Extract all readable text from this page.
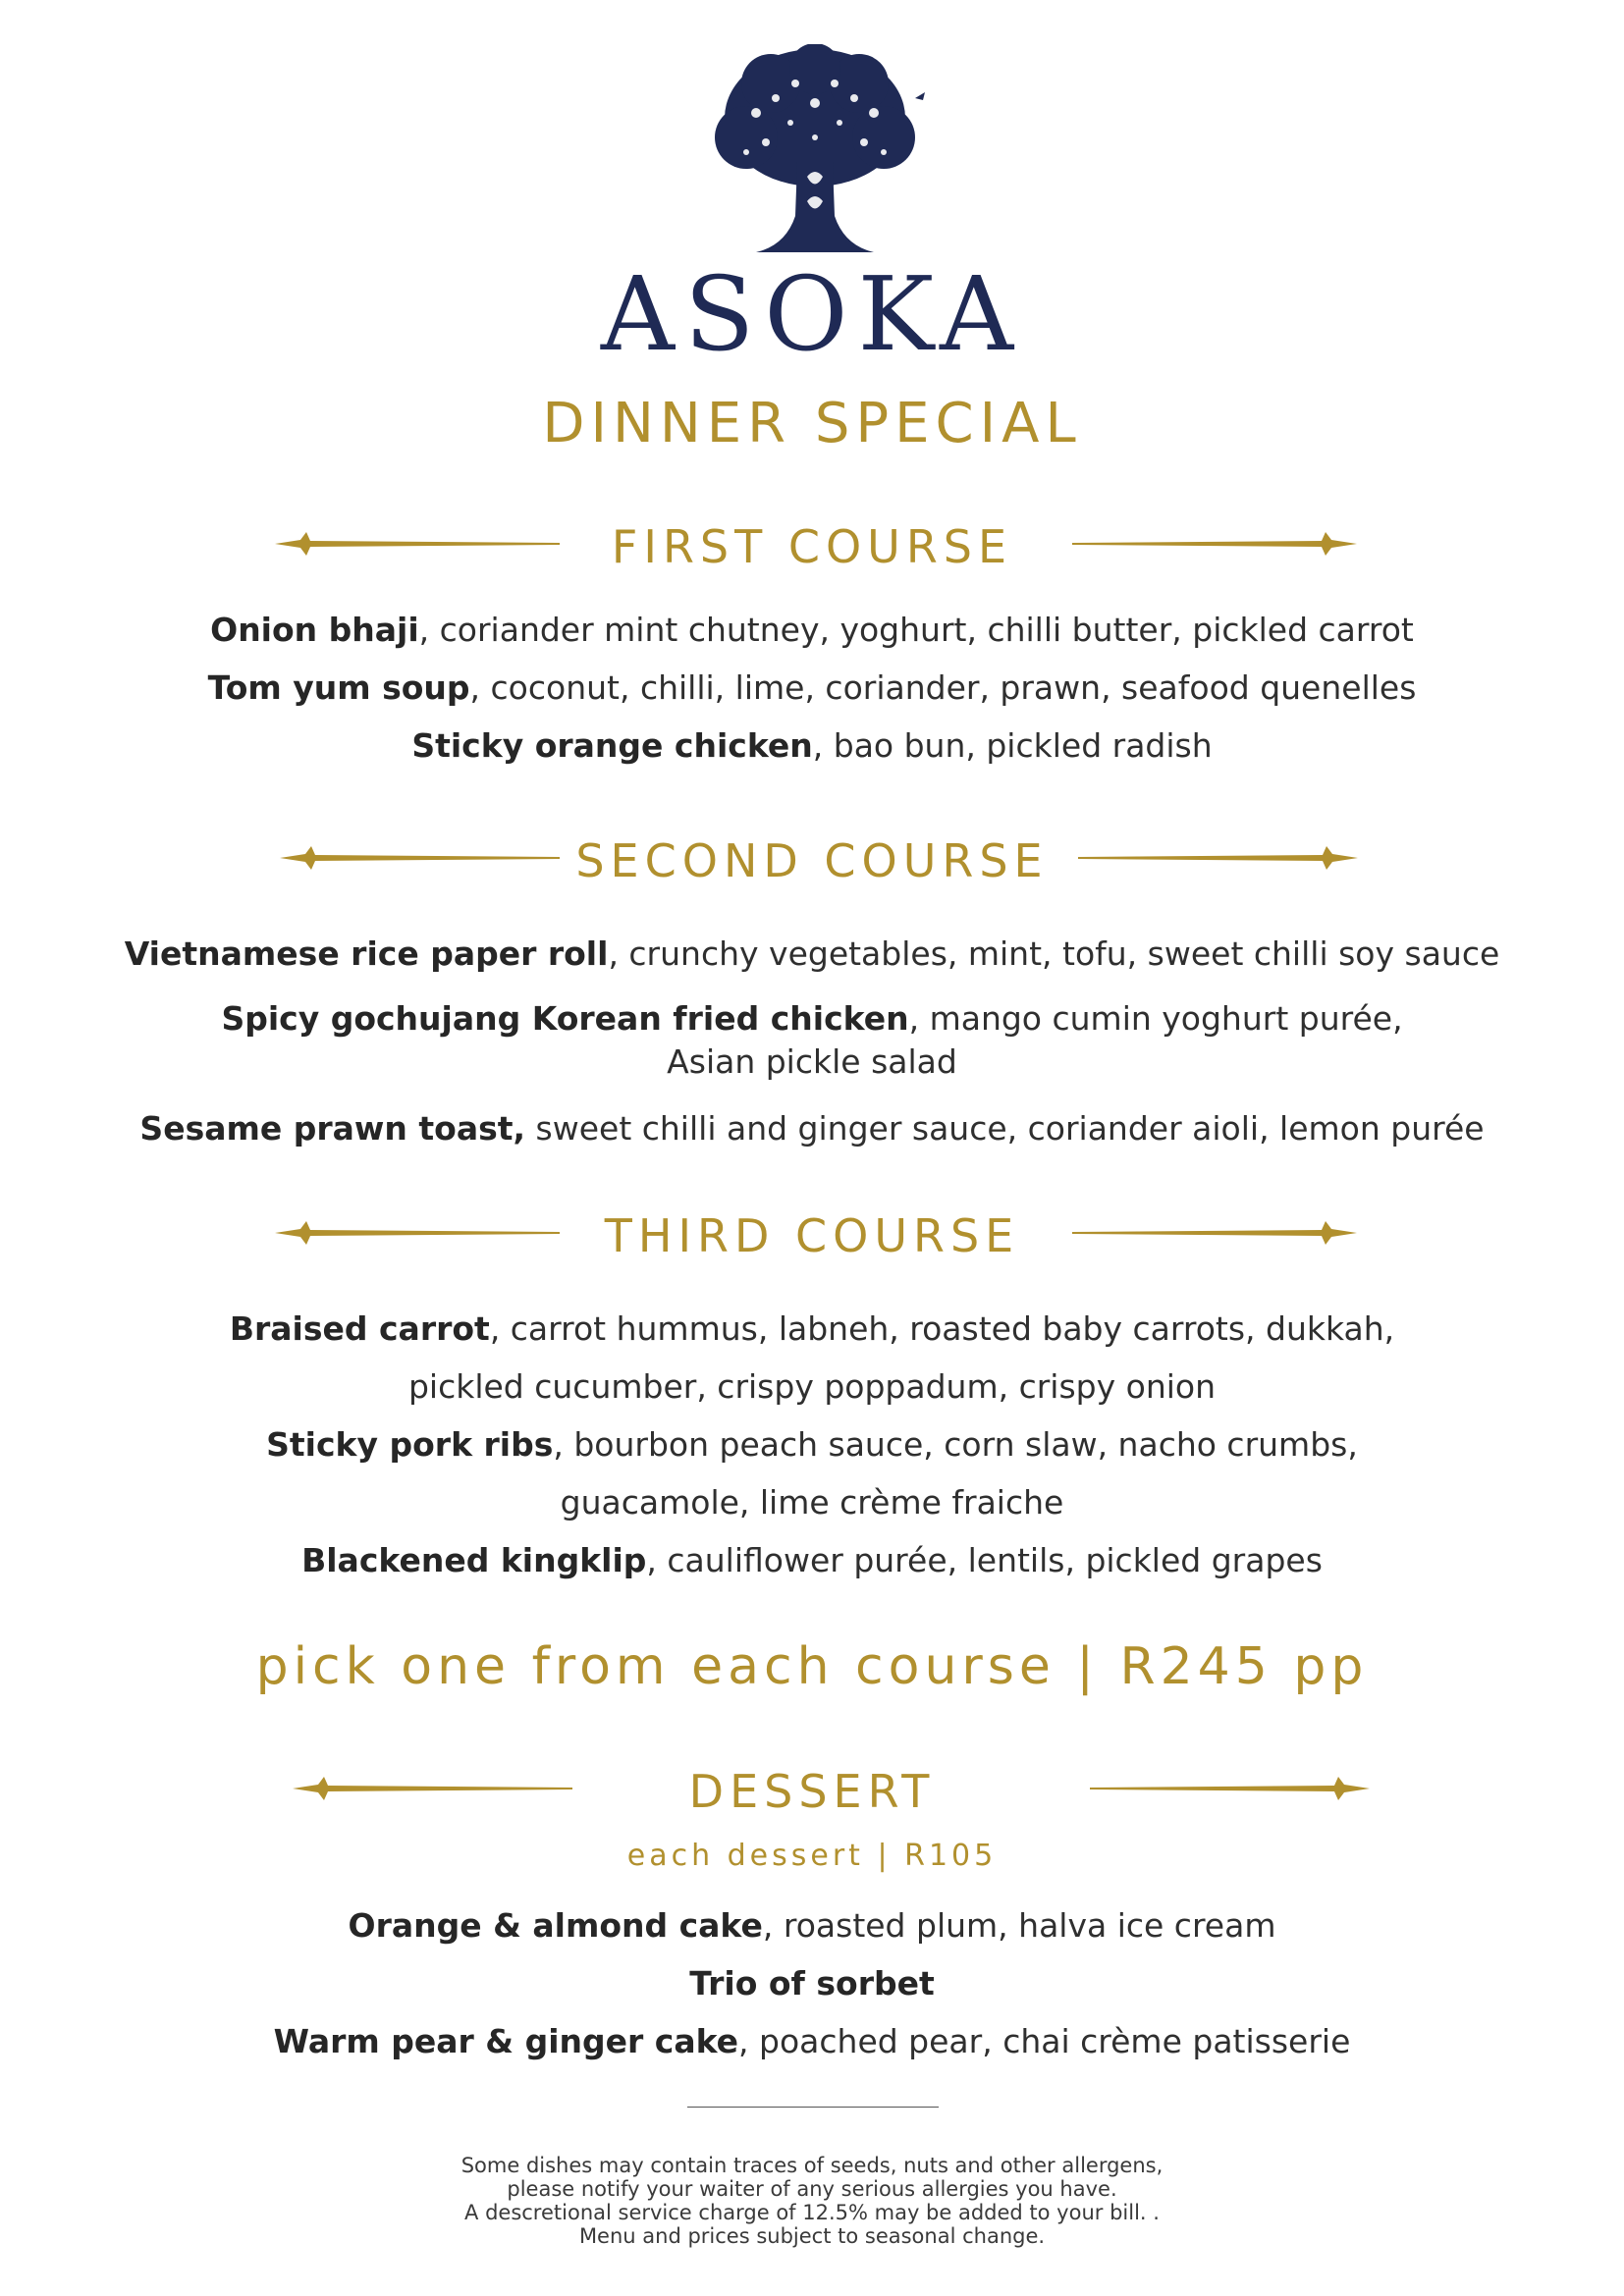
ASOKA
DINNER SPECIAL
FIRST COURSE
Onion bhaji, coriander mint chutney, yoghurt, chilli butter, pickled carrot
Tom yum soup, coconut, chilli, lime, coriander, prawn, seafood quenelles
Sticky orange chicken, bao bun, pickled radish
SECOND COURSE
Vietnamese rice paper roll, crunchy vegetables, mint, tofu, sweet chilli soy sauce
Spicy gochujang Korean fried chicken, mango cumin yoghurt purée,
Asian pickle salad
Sesame prawn toast, sweet chilli and ginger sauce, coriander aioli, lemon purée
THIRD COURSE
Braised carrot, carrot hummus, labneh, roasted baby carrots, dukkah,
pickled cucumber, crispy poppadum, crispy onion
Sticky pork ribs, bourbon peach sauce, corn slaw, nacho crumbs,
guacamole, lime crème fraiche
Blackened kingklip, cauliflower purée, lentils, pickled grapes
pick one from each course | R245 pp
DESSERT
each dessert | R105
Orange & almond cake, roasted plum, halva ice cream
Trio of sorbet
Warm pear & ginger cake, poached pear, chai crème patisserie
Some dishes may contain traces of seeds, nuts and other allergens,
please notify your waiter of any serious allergies you have.
A descretional service charge of 12.5% may be added to your bill. .
Menu and prices subject to seasonal change.
